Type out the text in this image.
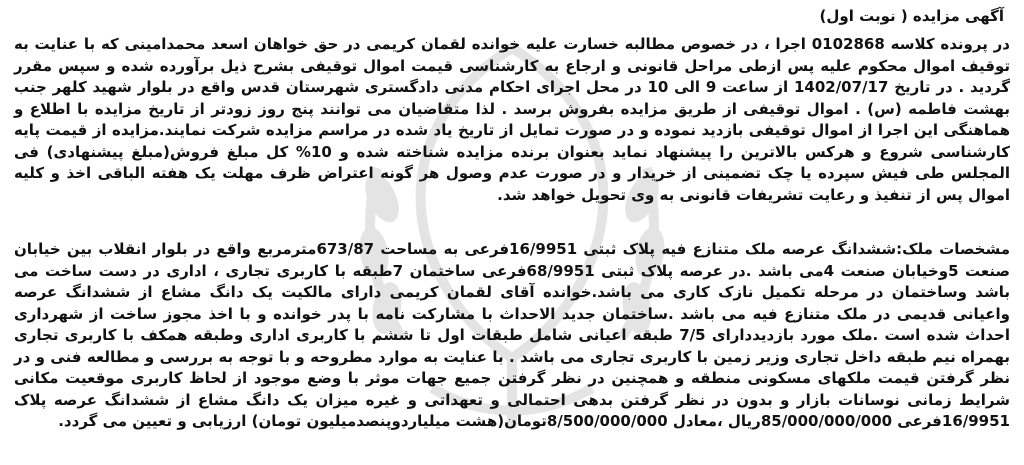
آگهی مزایده ( نوبت اول)

در پرونده کلاسه 0102868 اجرا ، در خصوص مطالبه خسارت علیه خوانده لقمان کریمی در حق خواهان اسعد محمدامینی که با عنایت به توقیف اموال محکوم علیه پس ازطی مراحل قانونی و ارجاع به کارشناسی قیمت اموال توقیفی بشرح ذیل برآورده شده و سپس مقرر گردید . در تاریخ 1402/07/17 از ساعت 9 الی 10 در محل اجرای احکام مدنی دادگستری شهرستان قدس واقع در بلوار شهید کلهر جنب بهشت فاطمه (س) . اموال توقیفی از طریق مزایده بفروش برسد . لذا متقاضیان می توانند پنج روز زودتر از تاریخ مزایده با اطلاع و هماهنگی این اجرا از اموال توقیفی بازدید نموده و در صورت تمایل از تاریخ یاد شده در مراسم مزایده شرکت نمایند.مزایده از قیمت پایه کارشناسی شروع و هرکس بالاترین را پیشنهاد نماید بعنوان برنده مزایده شناخته شده و 10% کل مبلغ فروش(مبلغ پیشنهادی) فی المجلس طی فیش سپرده یا چک تضمینی از خریدار و در صورت عدم وصول هر گونه اعتراض ظرف مهلت یک هفته الباقی اخذ و کلیه اموال پس از تنفیذ و رعایت تشریفات قانونی به وی تحویل خواهد شد.

مشخصات ملک:ششدانگ عرصه ملک متنازع فیه پلاک ثبتی 16/9951فرعی به مساحت 673/87مترمربع واقع در بلوار انقلاب بین خیابان صنعت 5وخیابان صنعت 4می باشد .در عرصه پلاک ثبتی 68/9951فرعی ساختمان 7طبقه با کاربری تجاری ، اداری در دست ساخت می باشد وساختمان در مرحله تکمیل نازک کاری می باشد.خوانده آقای لقمان کریمی دارای مالکیت یک دانگ مشاع از ششدانگ عرصه واعیانی قدیمی در ملک متنازع فیه می باشد .ساختمان جدید الاحداث با مشارکت نامه با پدر خوانده و با اخذ مجوز ساخت از شهرداری احداث شده است .ملک مورد بازدیددارای 7/5 طبقه اعیانی شامل طبقات اول تا ششم با کاربری اداری وطبقه همکف با کاربری تجاری بهمراه نیم طبقه داخل تجاری وزیر زمین با کاربری تجاری می باشد . با عنایت به موارد مطروحه و با توجه به بررسی و مطالعه فنی و در نظر گرفتن قیمت ملکهای مسکونی منطقه و همچنین در نظر گرفتن جمیع جهات موثر با وضع موجود از لحاظ کاربری موقعیت مکانی شرایط زمانی نوسانات بازار و بدون در نظر گرفتن بدهی احتمالی و تعهداتی و غیره میزان یک دانگ مشاع از ششدانگ عرصه پلاک 16/9951فرعی 85/000/000/000ریال ،معادل 8/500/000/000تومان(هشت میلیاردوپنصدمیلیون تومان) ارزیابی و تعیین می گردد.
